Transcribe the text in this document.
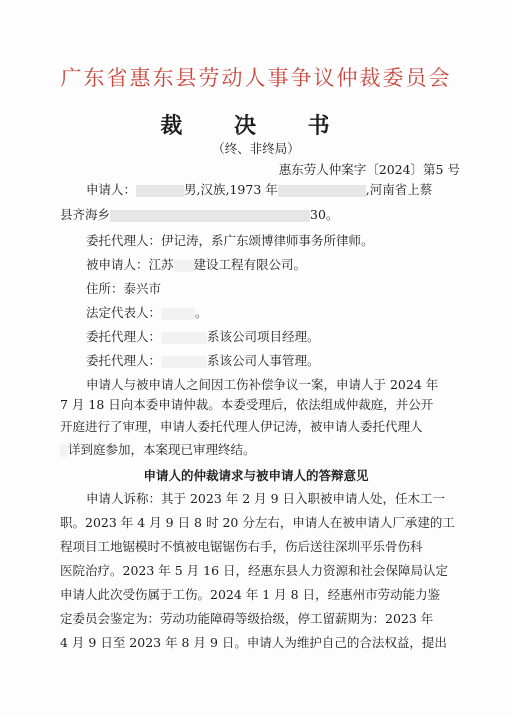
广东省惠东县劳动人事争议仲裁委员会
裁 决 书
（终、非终局）
惠东劳人仲案字〔2024〕第5 号
申请人：	男,汉族,1973 年	,河南省上蔡
县齐海乡	30。
委托代理人：伊记涛，系广东颂博律师事务所律师。
被申请人：江苏 建设工程有限公司。
住所：泰兴市
法定代表人：	。
委托代理人：	系该公司项目经理。
委托代理人：	系该公司人事管理。
申请人与被申请人之间因工伤补偿争议一案，申请人于 2024 年
7 月 18 日向本委申请仲裁。本委受理后，依法组成仲裁庭，并公开
开庭进行了审理，申请人委托代理人伊记涛，被申请人委托代理人
详到庭参加，本案现已审理终结。
申请人的仲裁请求与被申请人的答辩意见
申请人诉称：其于 2023 年 2 月 9 日入职被申请人处，任木工一
职。2023 年 4 月 9 日 8 时 20 分左右，申请人在被申请人厂承建的工
程项目工地锯模时不慎被电锯锯伤右手，伤后送往深圳平乐骨伤科
医院治疗。2023 年 5 月 16 日，经惠东县人力资源和社会保障局认定
申请人此次受伤属于工伤。2024 年 1 月 8 日，经惠州市劳动能力鉴
定委员会鉴定为：劳动功能障碍等级拾级，停工留薪期为：2023 年
4 月 9 日至 2023 年 8 月 9 日。申请人为维护自己的合法权益，提出
